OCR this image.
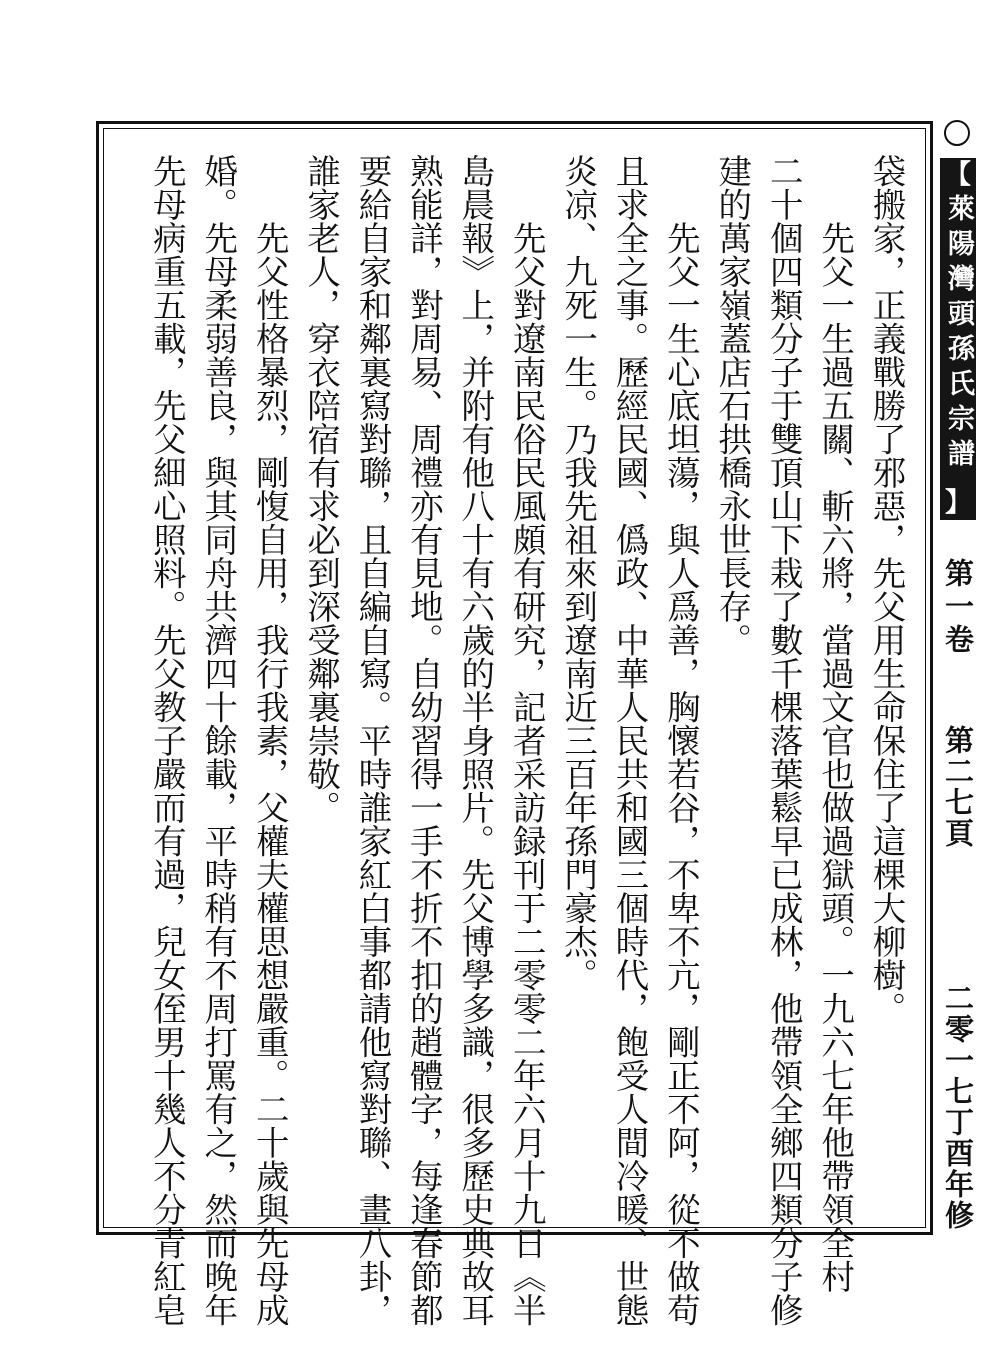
袋搬家，正義戰勝了邪惡，先父用生命保住了這棵大柳樹。
先父一生過五關、斬六將，當過文官也做過獄頭。一九六七年他帶領全村
二十個四類分子于雙頂山下栽了數千棵落葉鬆早已成林，他帶領全鄉四類分子修
建的萬家嶺蓋店石拱橋永世長存。
先父一生心底坦蕩，與人爲善，胸懷若谷，不卑不亢，剛正不阿，從不做苟
且求全之事。歷經民國、僞政、中華人民共和國三個時代，飽受人間冷暖、世態
炎凉、九死一生。乃我先祖來到遼南近三百年孫門豪杰。
先父對遼南民俗民風頗有研究，記者采訪録刊于二零零二年六月十九日《半
島晨報》上，并附有他八十有六歲的半身照片。先父博學多識，很多歷史典故耳
熟能詳，對周易、周禮亦有見地。自幼習得一手不折不扣的趙體字，每逢春節都
要給自家和鄰裏寫對聯，且自編自寫。平時誰家紅白事都請他寫對聯、畫八卦，
誰家老人，穿衣陪宿有求必到深受鄰裏崇敬。
先父性格暴烈，剛愎自用，我行我素，父權夫權思想嚴重。二十歲與先母成
婚。先母柔弱善良，與其同舟共濟四十餘載，平時稍有不周打罵有之，然而晚年
先母病重五載，先父細心照料。先父教子嚴而有過，兒女侄男十幾人不分青紅皂	【
萊陽灣頭孫氏宗譜
】
第一卷
第二七頁
二零一七丁酉年修
